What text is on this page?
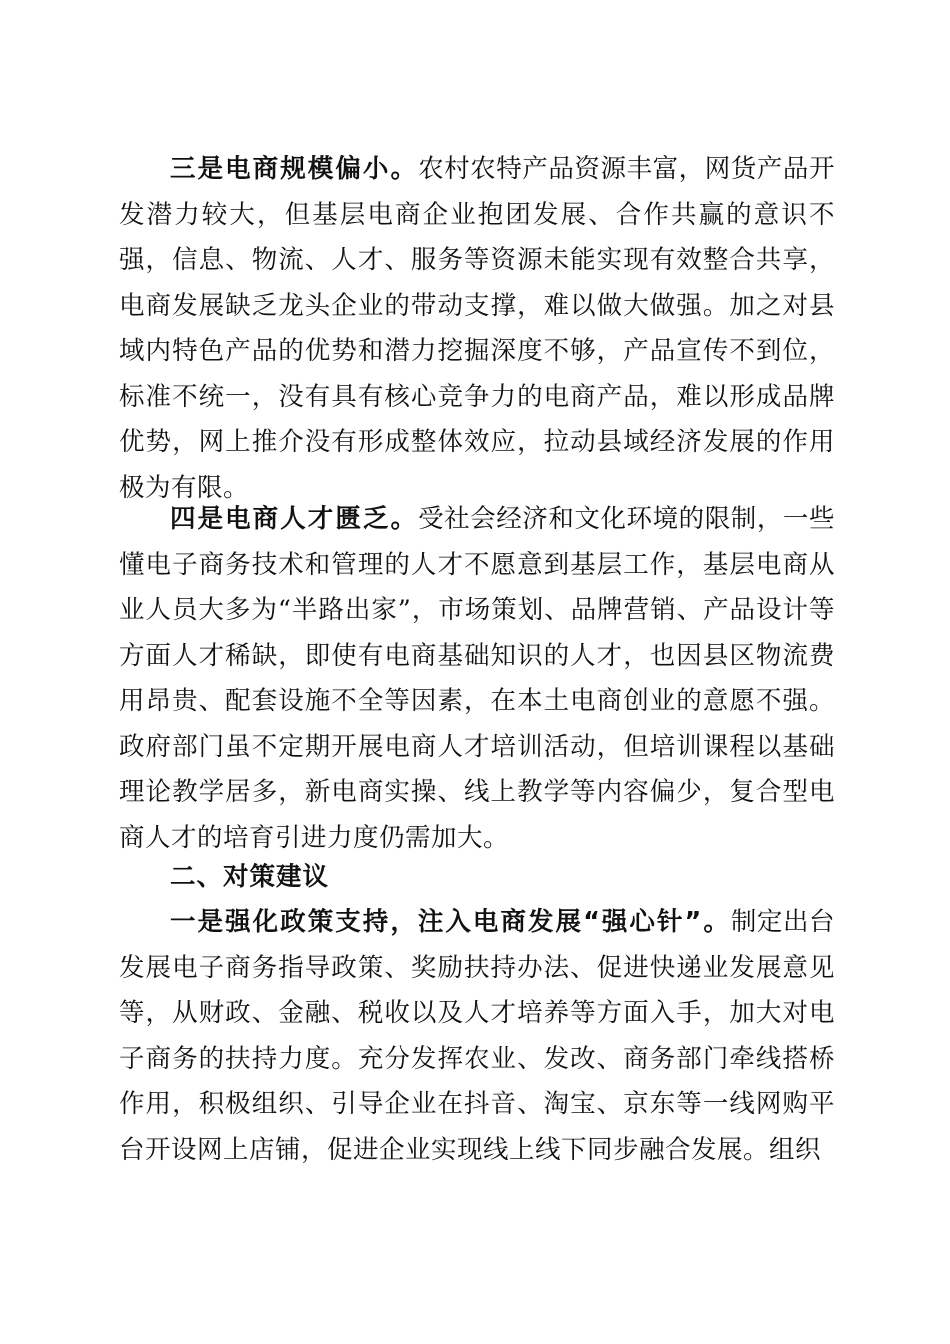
三是电商规模偏小。农村农特产品资源丰富，网货产品开发潜力较大，但基层电商企业抱团发展、合作共赢的意识不强，信息、物流、人才、服务等资源未能实现有效整合共享，电商发展缺乏龙头企业的带动支撑，难以做大做强。加之对县域内特色产品的优势和潜力挖掘深度不够，产品宣传不到位，标准不统一，没有具有核心竞争力的电商产品，难以形成品牌优势，网上推介没有形成整体效应，拉动县域经济发展的作用极为有限。

四是电商人才匮乏。受社会经济和文化环境的限制，一些懂电子商务技术和管理的人才不愿意到基层工作，基层电商从业人员大多为“半路出家”，市场策划、品牌营销、产品设计等方面人才稀缺，即使有电商基础知识的人才，也因县区物流费用昂贵、配套设施不全等因素，在本土电商创业的意愿不强。政府部门虽不定期开展电商人才培训活动，但培训课程以基础理论教学居多，新电商实操、线上教学等内容偏少，复合型电商人才的培育引进力度仍需加大。

二、对策建议

一是强化政策支持，注入电商发展“强心针”。制定出台发展电子商务指导政策、奖励扶持办法、促进快递业发展意见等，从财政、金融、税收以及人才培养等方面入手，加大对电子商务的扶持力度。充分发挥农业、发改、商务部门牵线搭桥作用，积极组织、引导企业在抖音、淘宝、京东等一线网购平台开设网上店铺，促进企业实现线上线下同步融合发展。组织
